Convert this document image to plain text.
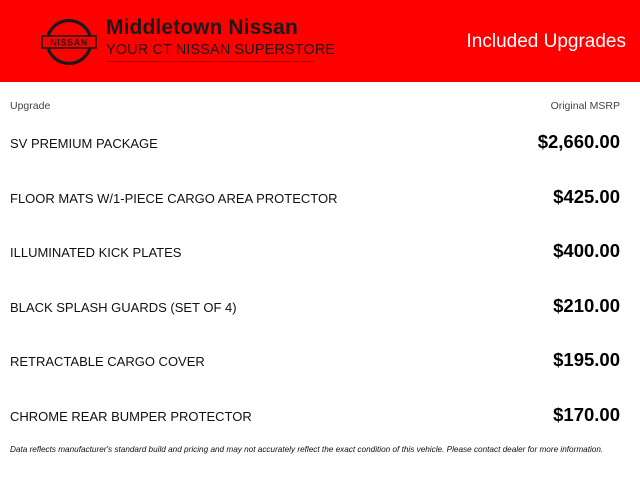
NISSAN
Middletown Nissan
YOUR CT NISSAN SUPERSTORE	Included Upgrades
Upgrade	Original MSRP
SV PREMIUM PACKAGE	$2,660.00
FLOOR MATS W/1-PIECE CARGO AREA PROTECTOR	$425.00
ILLUMINATED KICK PLATES	$400.00
BLACK SPLASH GUARDS (SET OF 4)	$210.00
RETRACTABLE CARGO COVER	$195.00
CHROME REAR BUMPER PROTECTOR	$170.00
Data reflects manufacturer's standard build and pricing and may not accurately reflect the exact condition of this vehicle. Please contact dealer for more information.
